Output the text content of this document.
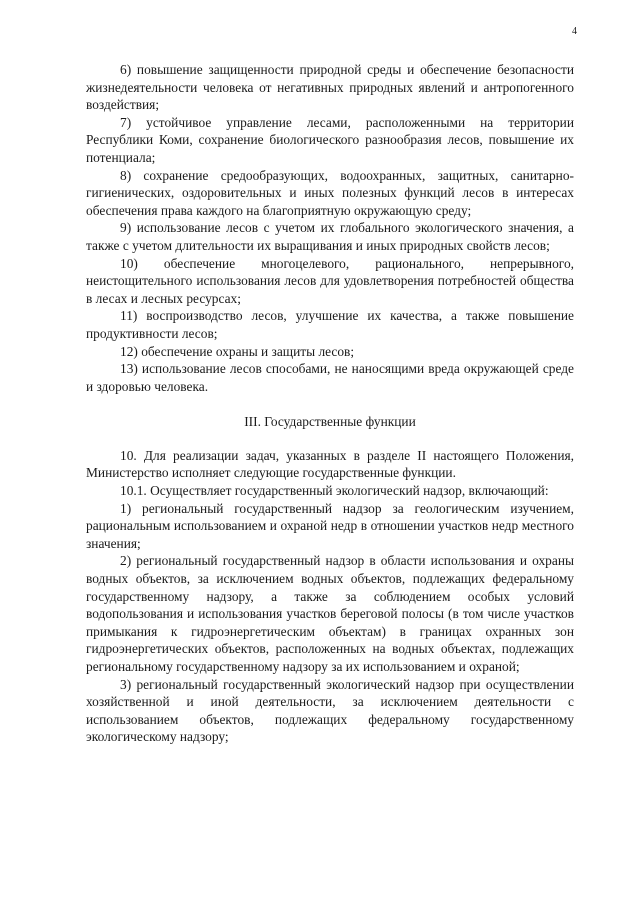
4

6) повышение защищенности природной среды и обеспечение безопасности жизнедеятельности человека от негативных природных явлений и антропогенного воздействия;

7) устойчивое управление лесами, расположенными на территории Республики Коми, сохранение биологического разнообразия лесов, повышение их потенциала;

8) сохранение средообразующих, водоохранных, защитных, санитарно-гигиенических, оздоровительных и иных полезных функций лесов в интересах обеспечения права каждого на благоприятную окружающую среду;

9) использование лесов с учетом их глобального экологического значения, а также с учетом длительности их выращивания и иных природных свойств лесов;

10) обеспечение многоцелевого, рационального, непрерывного, неистощительного использования лесов для удовлетворения потребностей общества в лесах и лесных ресурсах;

11) воспроизводство лесов, улучшение их качества, а также повышение продуктивности лесов;

12) обеспечение охраны и защиты лесов;

13) использование лесов способами, не наносящими вреда окружающей среде и здоровью человека.

III. Государственные функции

10. Для реализации задач, указанных в разделе II настоящего Положения, Министерство исполняет следующие государственные функции.

10.1. Осуществляет государственный экологический надзор, включающий:

1) региональный государственный надзор за геологическим изучением, рациональным использованием и охраной недр в отношении участков недр местного значения;

2) региональный государственный надзор в области использования и охраны водных объектов, за исключением водных объектов, подлежащих федеральному государственному надзору, а также за соблюдением особых условий водопользования и использования участков береговой полосы (в том числе участков примыкания к гидроэнергетическим объектам) в границах охранных зон гидроэнергетических объектов, расположенных на водных объектах, подлежащих региональному государственному надзору за их использованием и охраной;

3) региональный государственный экологический надзор при осуществлении хозяйственной и иной деятельности, за исключением деятельности с использованием объектов, подлежащих федеральному государственному экологическому надзору;
